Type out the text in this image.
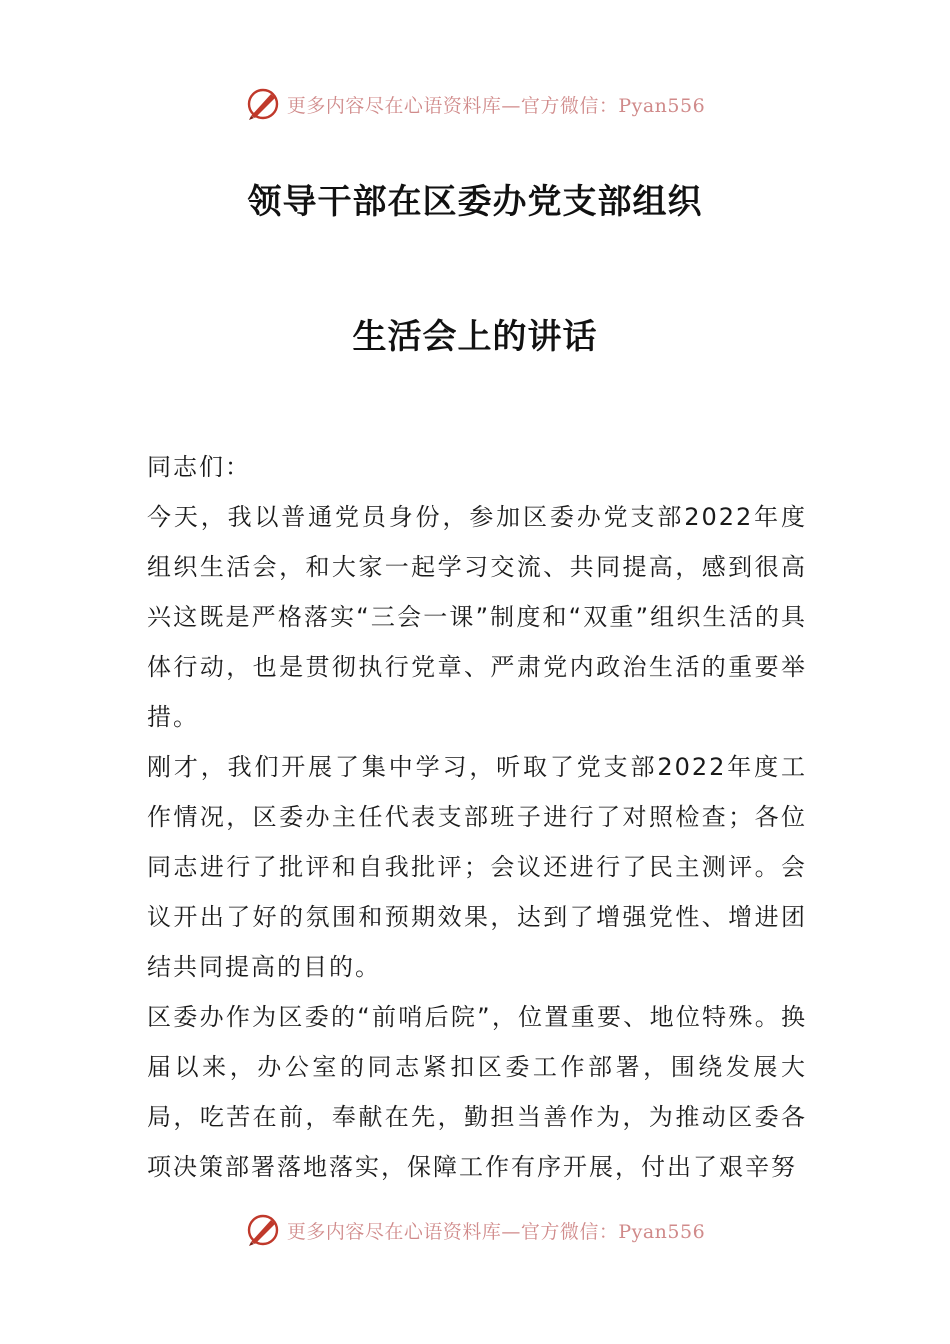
更多内容尽在心语资料库—官方微信：Pyan556
领导干部在区委办党支部组织
生活会上的讲话

同志们：

今天，我以普通党员身份，参加区委办党支部2022年度组织生活会，和大家一起学习交流、共同提高，感到很高兴这既是严格落实“三会一课”制度和“双重”组织生活的具体行动，也是贯彻执行党章、严肃党内政治生活的重要举措。

刚才，我们开展了集中学习，听取了党支部2022年度工作情况，区委办主任代表支部班子进行了对照检查；各位同志进行了批评和自我批评；会议还进行了民主测评。会议开出了好的氛围和预期效果，达到了增强党性、增进团结共同提高的目的。

区委办作为区委的“前哨后院”，位置重要、地位特殊。换届以来，办公室的同志紧扣区委工作部署，围绕发展大局，吃苦在前，奉献在先，勤担当善作为，为推动区委各项决策部署落地落实，保障工作有序开展，付出了艰辛努

更多内容尽在心语资料库—官方微信：Pyan556
